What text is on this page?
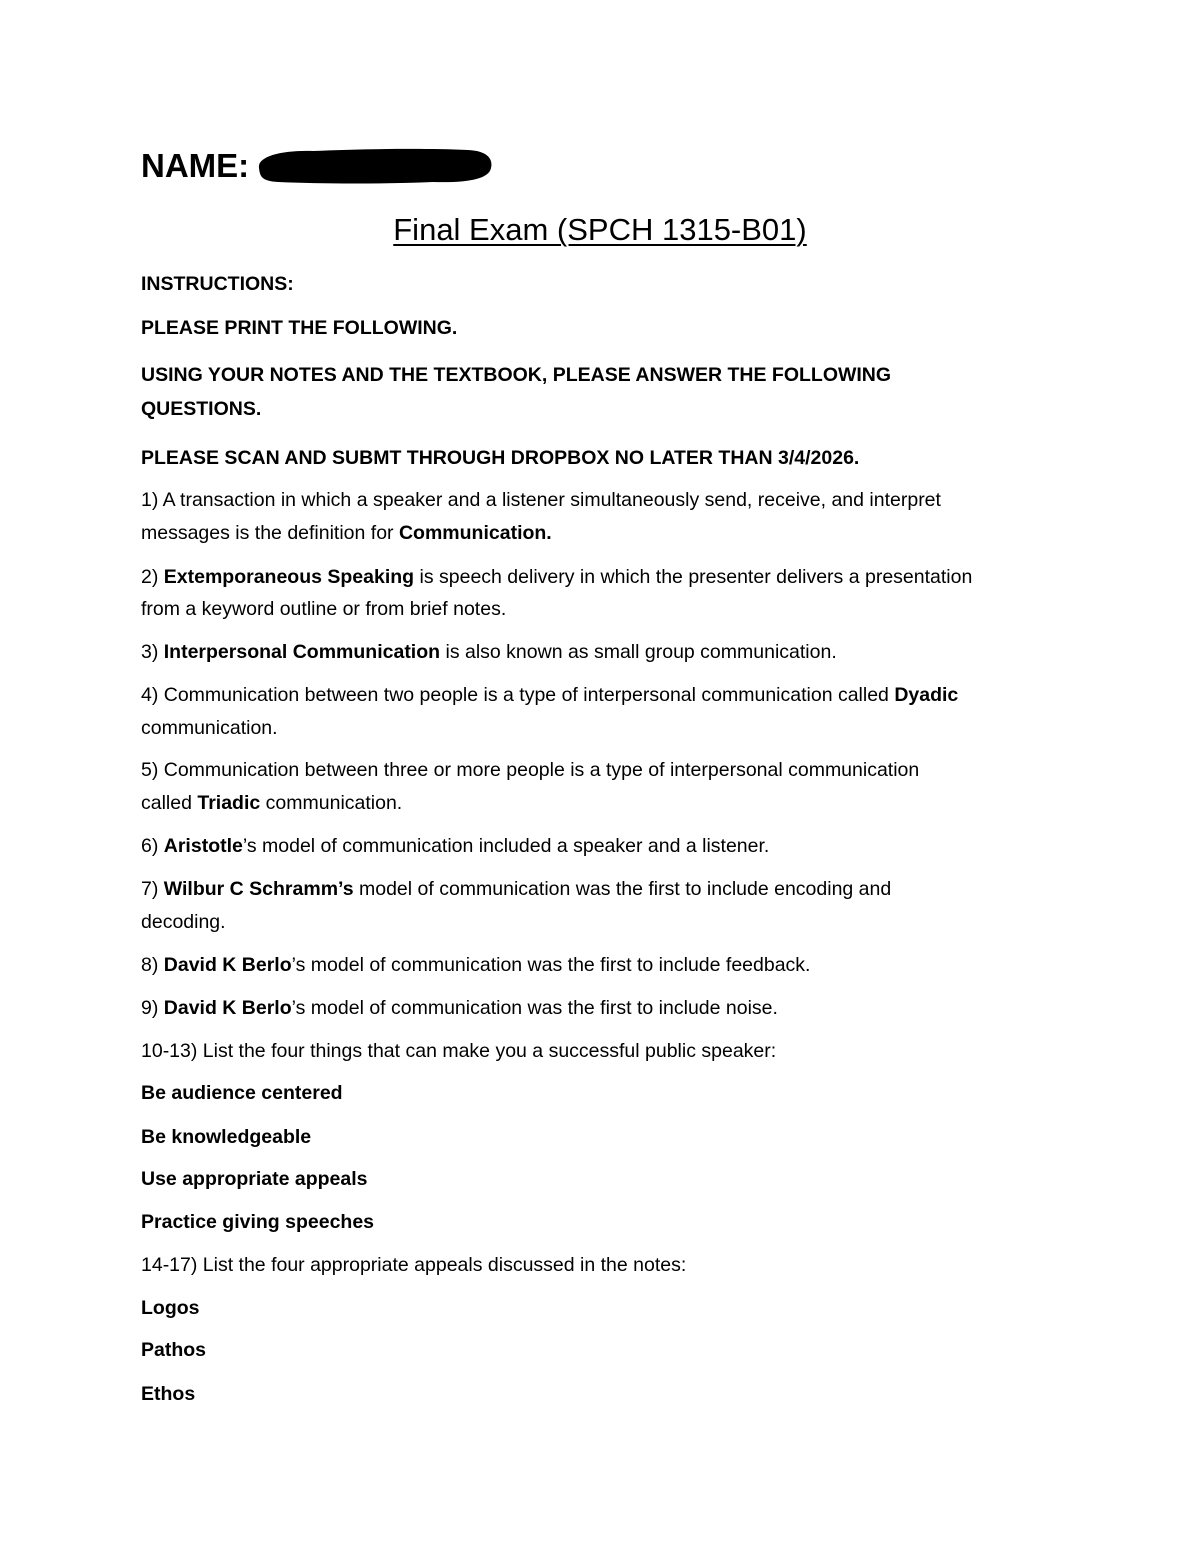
NAME:
Final Exam (SPCH 1315-B01)

INSTRUCTIONS:

PLEASE PRINT THE FOLLOWING.

USING YOUR NOTES AND THE TEXTBOOK, PLEASE ANSWER THE FOLLOWING

QUESTIONS.

PLEASE SCAN AND SUBMT THROUGH DROPBOX NO LATER THAN 3/4/2026.

1) A transaction in which a speaker and a listener simultaneously send, receive, and interpret

messages is the definition for Communication.

2) Extemporaneous Speaking is speech delivery in which the presenter delivers a presentation

from a keyword outline or from brief notes.

3) Interpersonal Communication is also known as small group communication.

4) Communication between two people is a type of interpersonal communication called Dyadic

communication.

5) Communication between three or more people is a type of interpersonal communication

called Triadic communication.

6) Aristotle’s model of communication included a speaker and a listener.

7) Wilbur C Schramm’s model of communication was the first to include encoding and

decoding.

8) David K Berlo’s model of communication was the first to include feedback.

9) David K Berlo’s model of communication was the first to include noise.

10-13) List the four things that can make you a successful public speaker:

Be audience centered

Be knowledgeable

Use appropriate appeals

Practice giving speeches

14-17) List the four appropriate appeals discussed in the notes:

Logos

Pathos

Ethos
